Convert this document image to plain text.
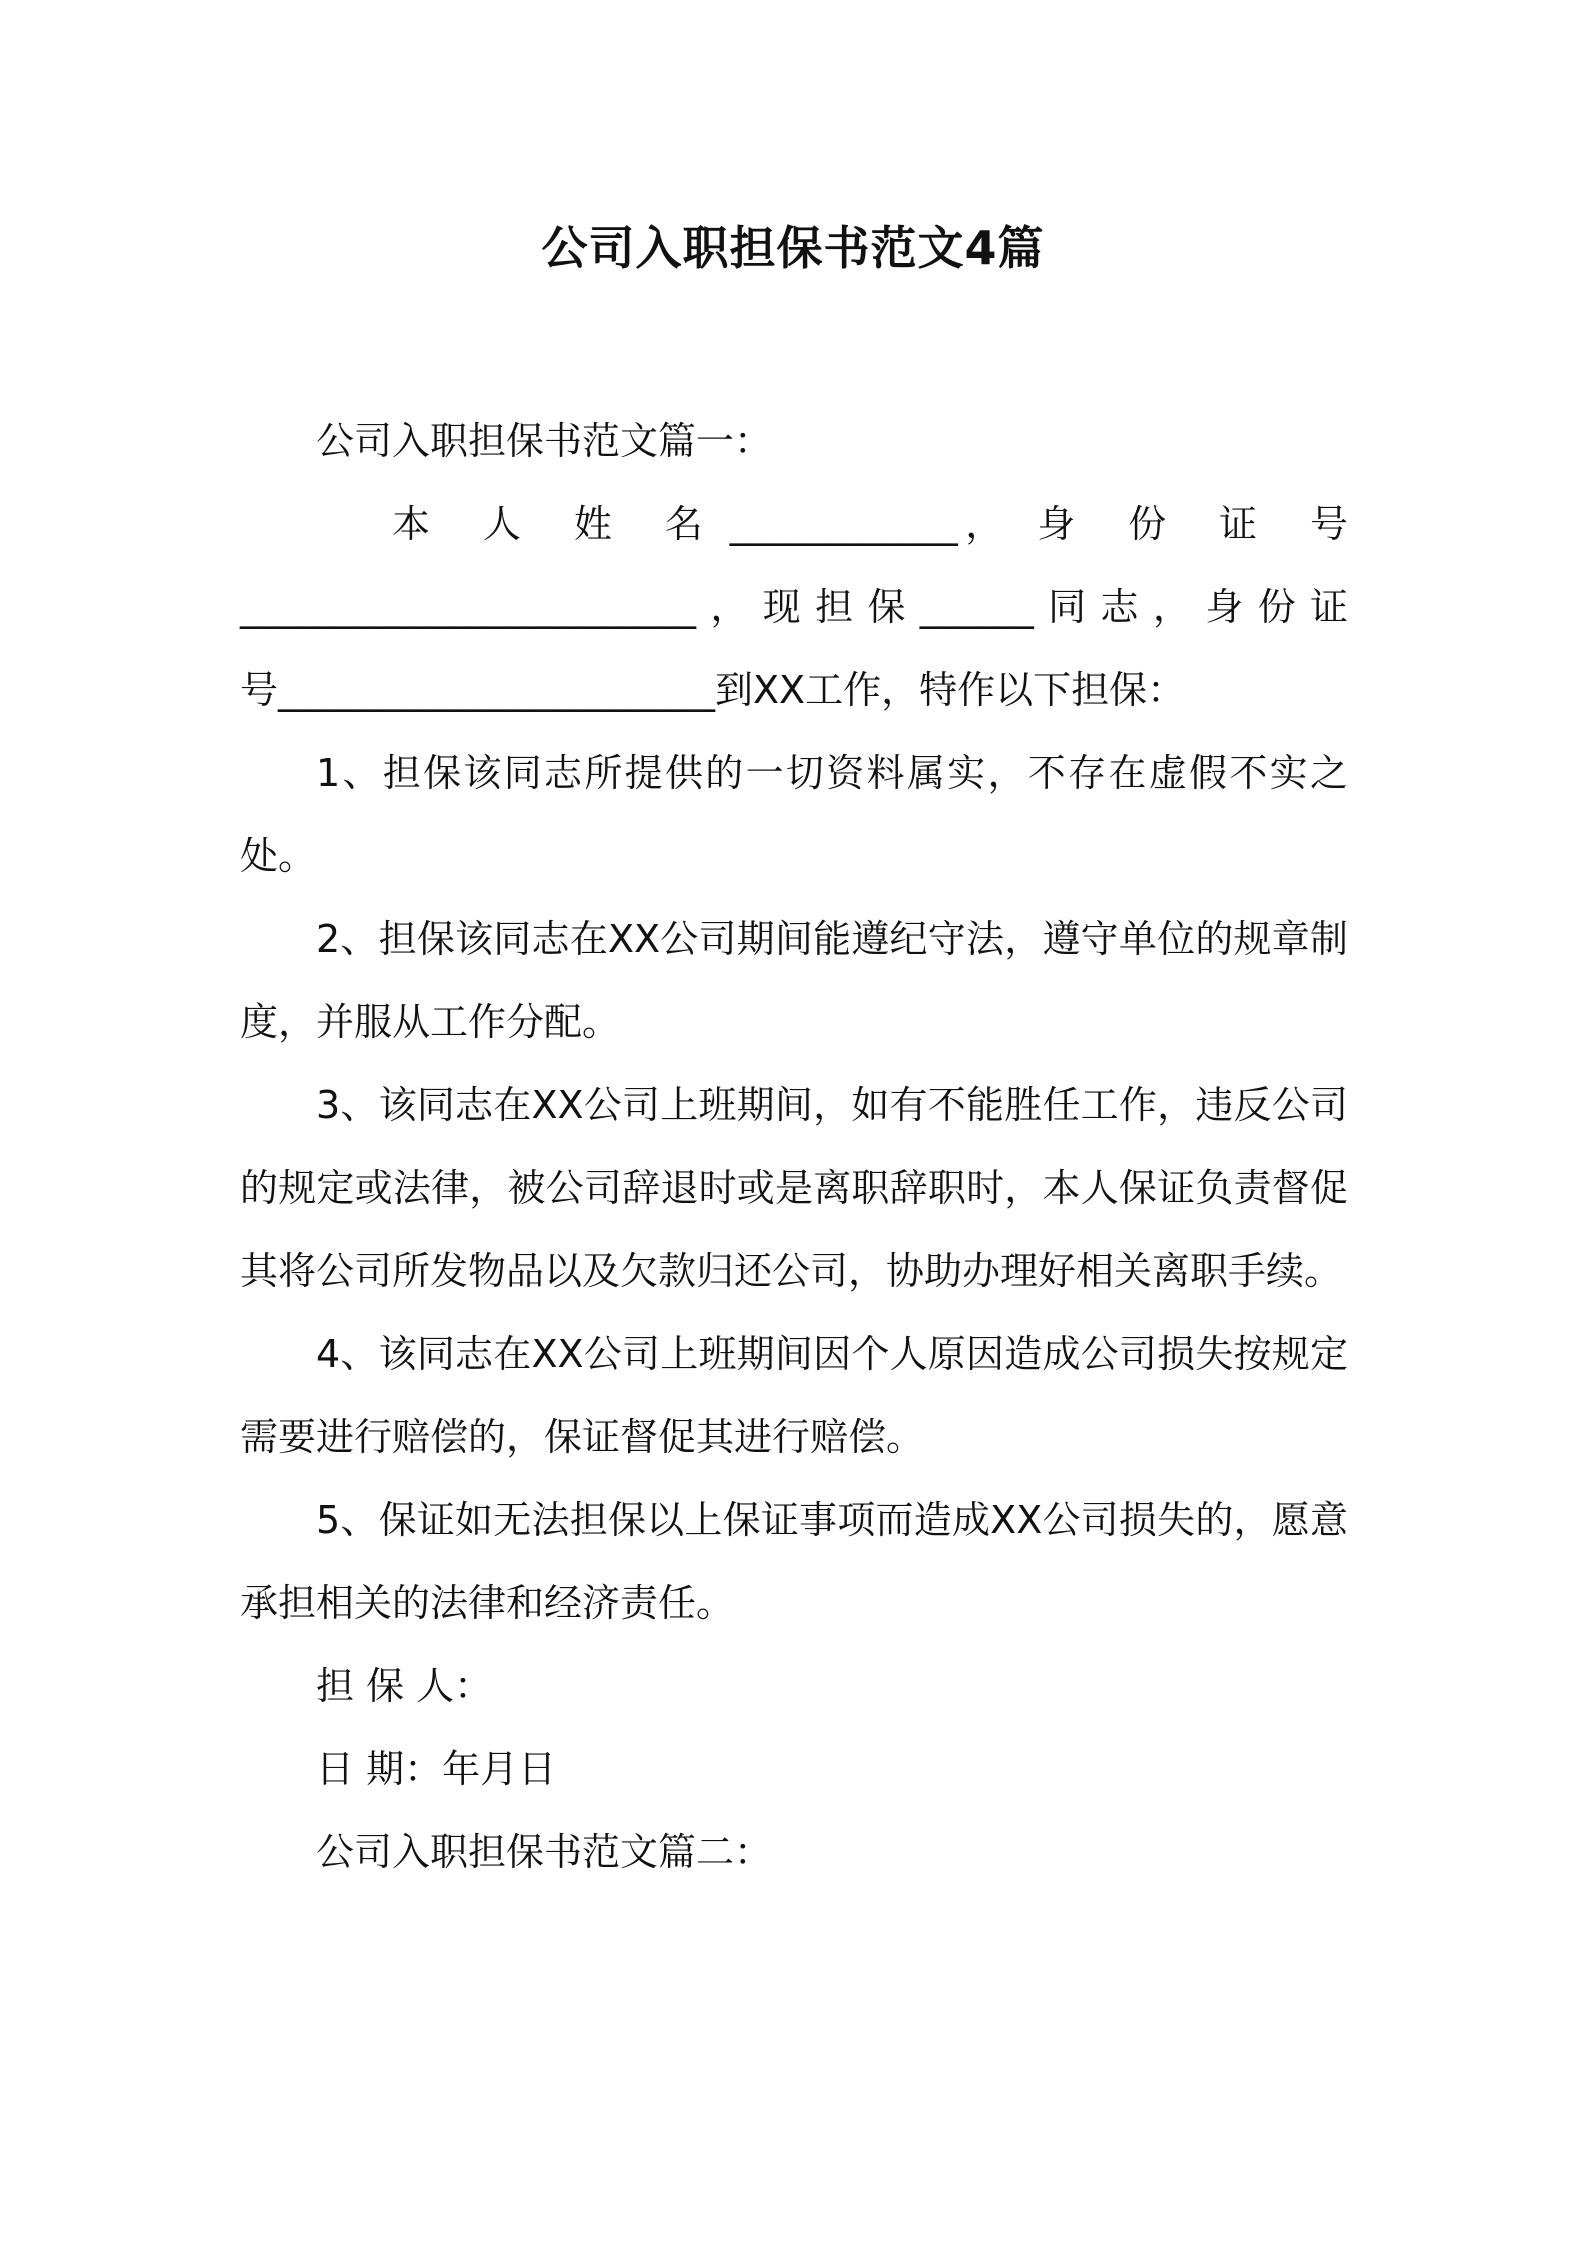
公司入职担保书范文4篇

公司入职担保书范文篇一：

本　人　姓　名 ____________，　身　份　证　号

________________________，现担保______同志，身份证

号_______________________到XX工作，特作以下担保：

1、担保该同志所提供的一切资料属实，不存在虚假不实之处。

2、担保该同志在XX公司期间能遵纪守法，遵守单位的规章制度，并服从工作分配。

3、该同志在XX公司上班期间，如有不能胜任工作，违反公司的规定或法律，被公司辞退时或是离职辞职时，本人保证负责督促其将公司所发物品以及欠款归还公司，协助办理好相关离职手续。

4、该同志在XX公司上班期间因个人原因造成公司损失按规定需要进行赔偿的，保证督促其进行赔偿。

5、保证如无法担保以上保证事项而造成XX公司损失的，愿意承担相关的法律和经济责任。

担 保 人：

日 期：年月日

公司入职担保书范文篇二：
